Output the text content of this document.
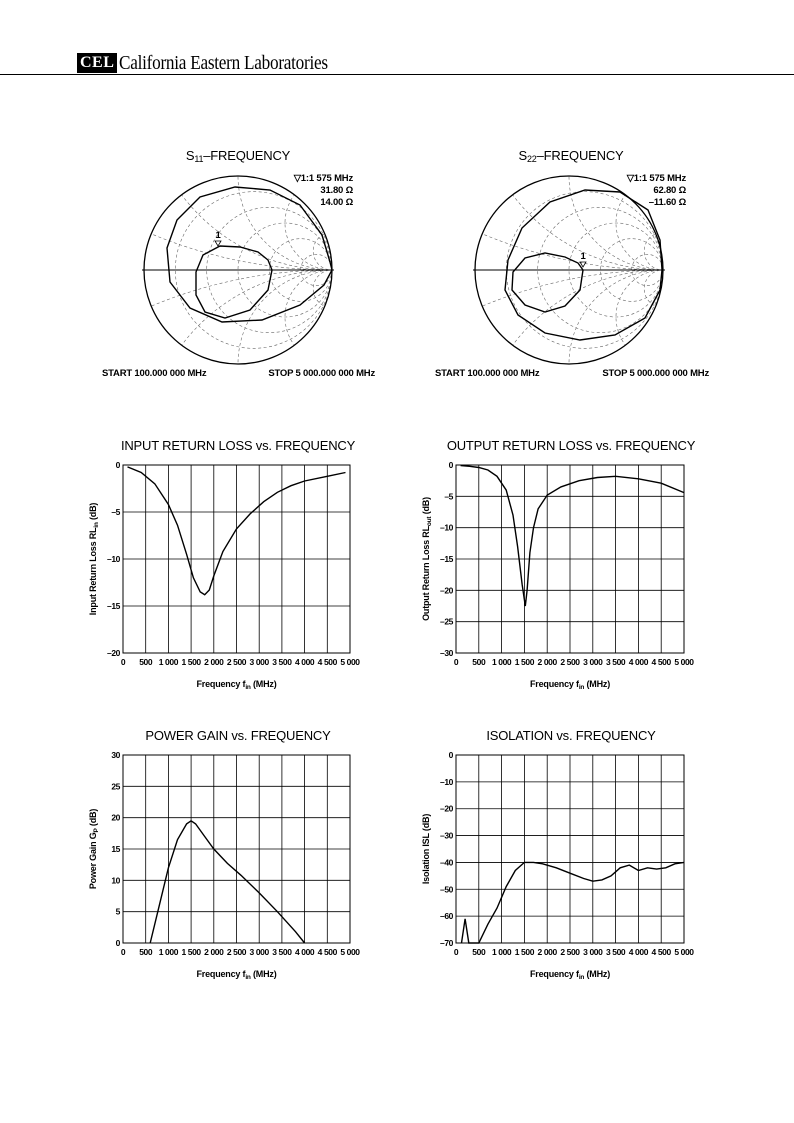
CEL California Eastern Laboratories
S11–FREQUENCY
▽1:1 575 MHz
31.80 Ω
14.00 Ω
1
START 100.000 000 MHz	STOP 5 000.000 000 MHz
S22–FREQUENCY
▽1:1 575 MHz
62.80 Ω
–11.60 Ω
1
START 100.000 000 MHz	STOP 5 000.000 000 MHz
INPUT RETURN LOSS vs. FREQUENCY
0 500 1 000 1 500 2 000 2 500 3 000 3 500 4 000 4 500 5 000
0
–5
–10
–15
–20
Frequency $f_{in}$ (MHz)
Input Return Loss $RL_{in}$ (dB)
OUTPUT RETURN LOSS vs. FREQUENCY
0 500 1 000 1 500 2 000 2 500 3 000 3 500 4 000 4 500 5 000
0
–5
–10
–15
–20
–25
–30
Frequency $f_{in}$ (MHz)
Output Return Loss $RL_{out}$ (dB)
POWER GAIN vs. FREQUENCY
0 500 1 000 1 500 2 000 2 500 3 000 3 500 4 000 4 500 5 000
0
5
10
15
20
25
30
Frequency $f_{in}$ (MHz)
Power Gain $G_P$ (dB)
ISOLATION vs. FREQUENCY
0 500 1 000 1 500 2 000 2 500 3 000 3 500 4 000 4 500 5 000
0
–10
–20
–30
–40
–50
–60
–70
Frequency $f_{in}$ (MHz)
Isolation ISL (dB)
